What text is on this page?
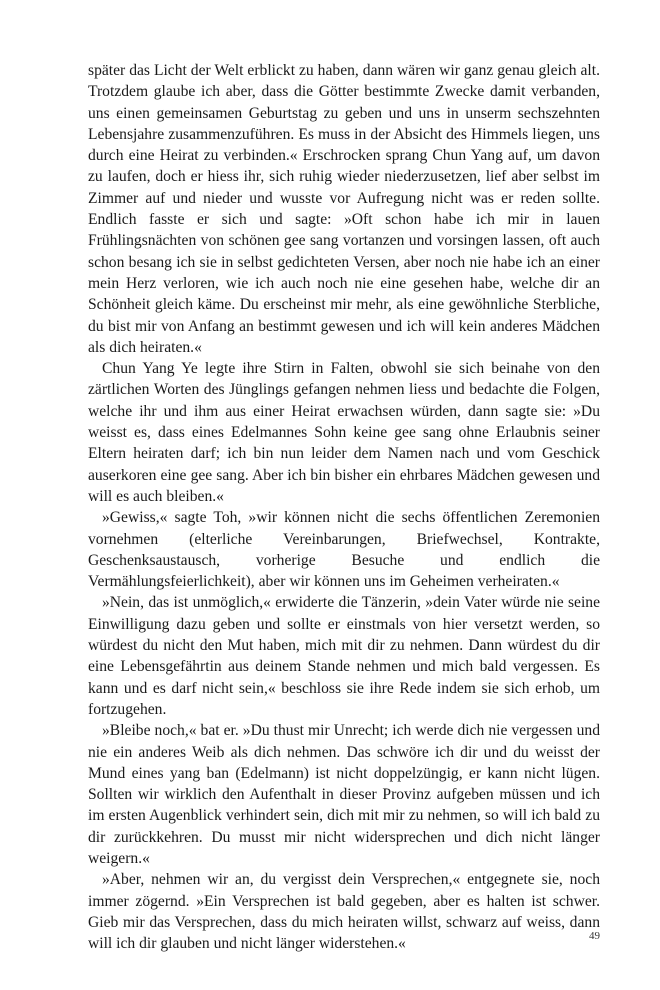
später das Licht der Welt erblickt zu haben, dann wären wir ganz genau gleich alt. Trotzdem glaube ich aber, dass die Götter bestimmte Zwecke damit verbanden, uns einen gemeinsamen Geburtstag zu geben und uns in unserm sechszehnten Lebensjahre zusammenzuführen. Es muss in der Absicht des Himmels liegen, uns durch eine Heirat zu verbinden.« Erschrocken sprang Chun Yang auf, um davon zu laufen, doch er hiess ihr, sich ruhig wieder niederzusetzen, lief aber selbst im Zimmer auf und nieder und wusste vor Aufregung nicht was er reden sollte. Endlich fasste er sich und sagte: »Oft schon habe ich mir in lauen Frühlingsnächten von schönen gee sang vortanzen und vorsingen lassen, oft auch schon besang ich sie in selbst gedichteten Versen, aber noch nie habe ich an einer mein Herz verloren, wie ich auch noch nie eine gesehen habe, welche dir an Schönheit gleich käme. Du erscheinst mir mehr, als eine gewöhnliche Sterbliche, du bist mir von Anfang an bestimmt gewesen und ich will kein anderes Mädchen als dich heiraten.«

Chun Yang Ye legte ihre Stirn in Falten, obwohl sie sich beinahe von den zärtlichen Worten des Jünglings gefangen nehmen liess und bedachte die Folgen, welche ihr und ihm aus einer Heirat erwachsen würden, dann sagte sie: »Du weisst es, dass eines Edelmannes Sohn keine gee sang ohne Erlaubnis seiner Eltern heiraten darf; ich bin nun leider dem Namen nach und vom Geschick auserkoren eine gee sang. Aber ich bin bisher ein ehrbares Mädchen gewesen und will es auch bleiben.«

»Gewiss,« sagte Toh, »wir können nicht die sechs öffentlichen Zeremonien vornehmen (elterliche Vereinbarungen, Briefwechsel, Kontrakte, Geschenksaustausch, vorherige Besuche und endlich die Vermählungsfeierlichkeit), aber wir können uns im Geheimen verheiraten.«

»Nein, das ist unmöglich,« erwiderte die Tänzerin, »dein Vater würde nie seine Einwilligung dazu geben und sollte er einstmals von hier versetzt werden, so würdest du nicht den Mut haben, mich mit dir zu nehmen. Dann würdest du dir eine Lebensgefährtin aus deinem Stande nehmen und mich bald vergessen. Es kann und es darf nicht sein,« beschloss sie ihre Rede indem sie sich erhob, um fortzugehen.

»Bleibe noch,« bat er. »Du thust mir Unrecht; ich werde dich nie vergessen und nie ein anderes Weib als dich nehmen. Das schwöre ich dir und du weisst der Mund eines yang ban (Edelmann) ist nicht doppelzüngig, er kann nicht lügen. Sollten wir wirklich den Aufenthalt in dieser Provinz aufgeben müssen und ich im ersten Augenblick verhindert sein, dich mit mir zu nehmen, so will ich bald zu dir zurückkehren. Du musst mir nicht widersprechen und dich nicht länger weigern.«

»Aber, nehmen wir an, du vergisst dein Versprechen,« entgegnete sie, noch immer zögernd. »Ein Versprechen ist bald gegeben, aber es halten ist schwer. Gieb mir das Versprechen, dass du mich heiraten willst, schwarz auf weiss, dann will ich dir glauben und nicht länger widerstehen.«	49
